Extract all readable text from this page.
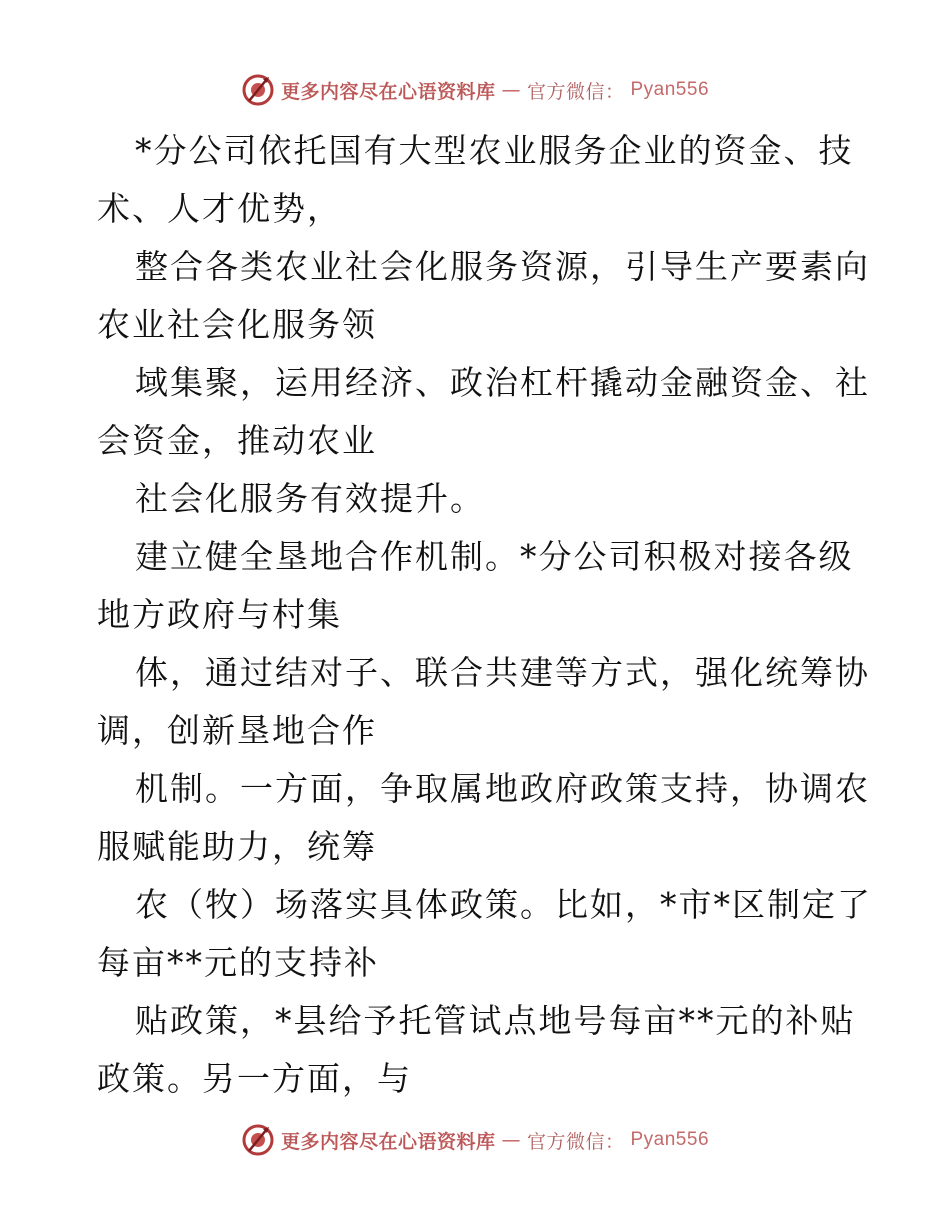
更多内容尽在心语资料库 — 官方微信： Pyan556
*分公司依托国有大型农业服务企业的资金、技
术、人才优势，
整合各类农业社会化服务资源，引导生产要素向
农业社会化服务领
域集聚，运用经济、政治杠杆撬动金融资金、社
会资金，推动农业
社会化服务有效提升。
建立健全垦地合作机制。*分公司积极对接各级
地方政府与村集
体，通过结对子、联合共建等方式，强化统筹协
调，创新垦地合作
机制。一方面，争取属地政府政策支持，协调农
服赋能助力，统筹
农（牧）场落实具体政策。比如，*市*区制定了
每亩**元的支持补
贴政策，*县给予托管试点地号每亩**元的补贴
政策。另一方面，与
更多内容尽在心语资料库 — 官方微信： Pyan556
